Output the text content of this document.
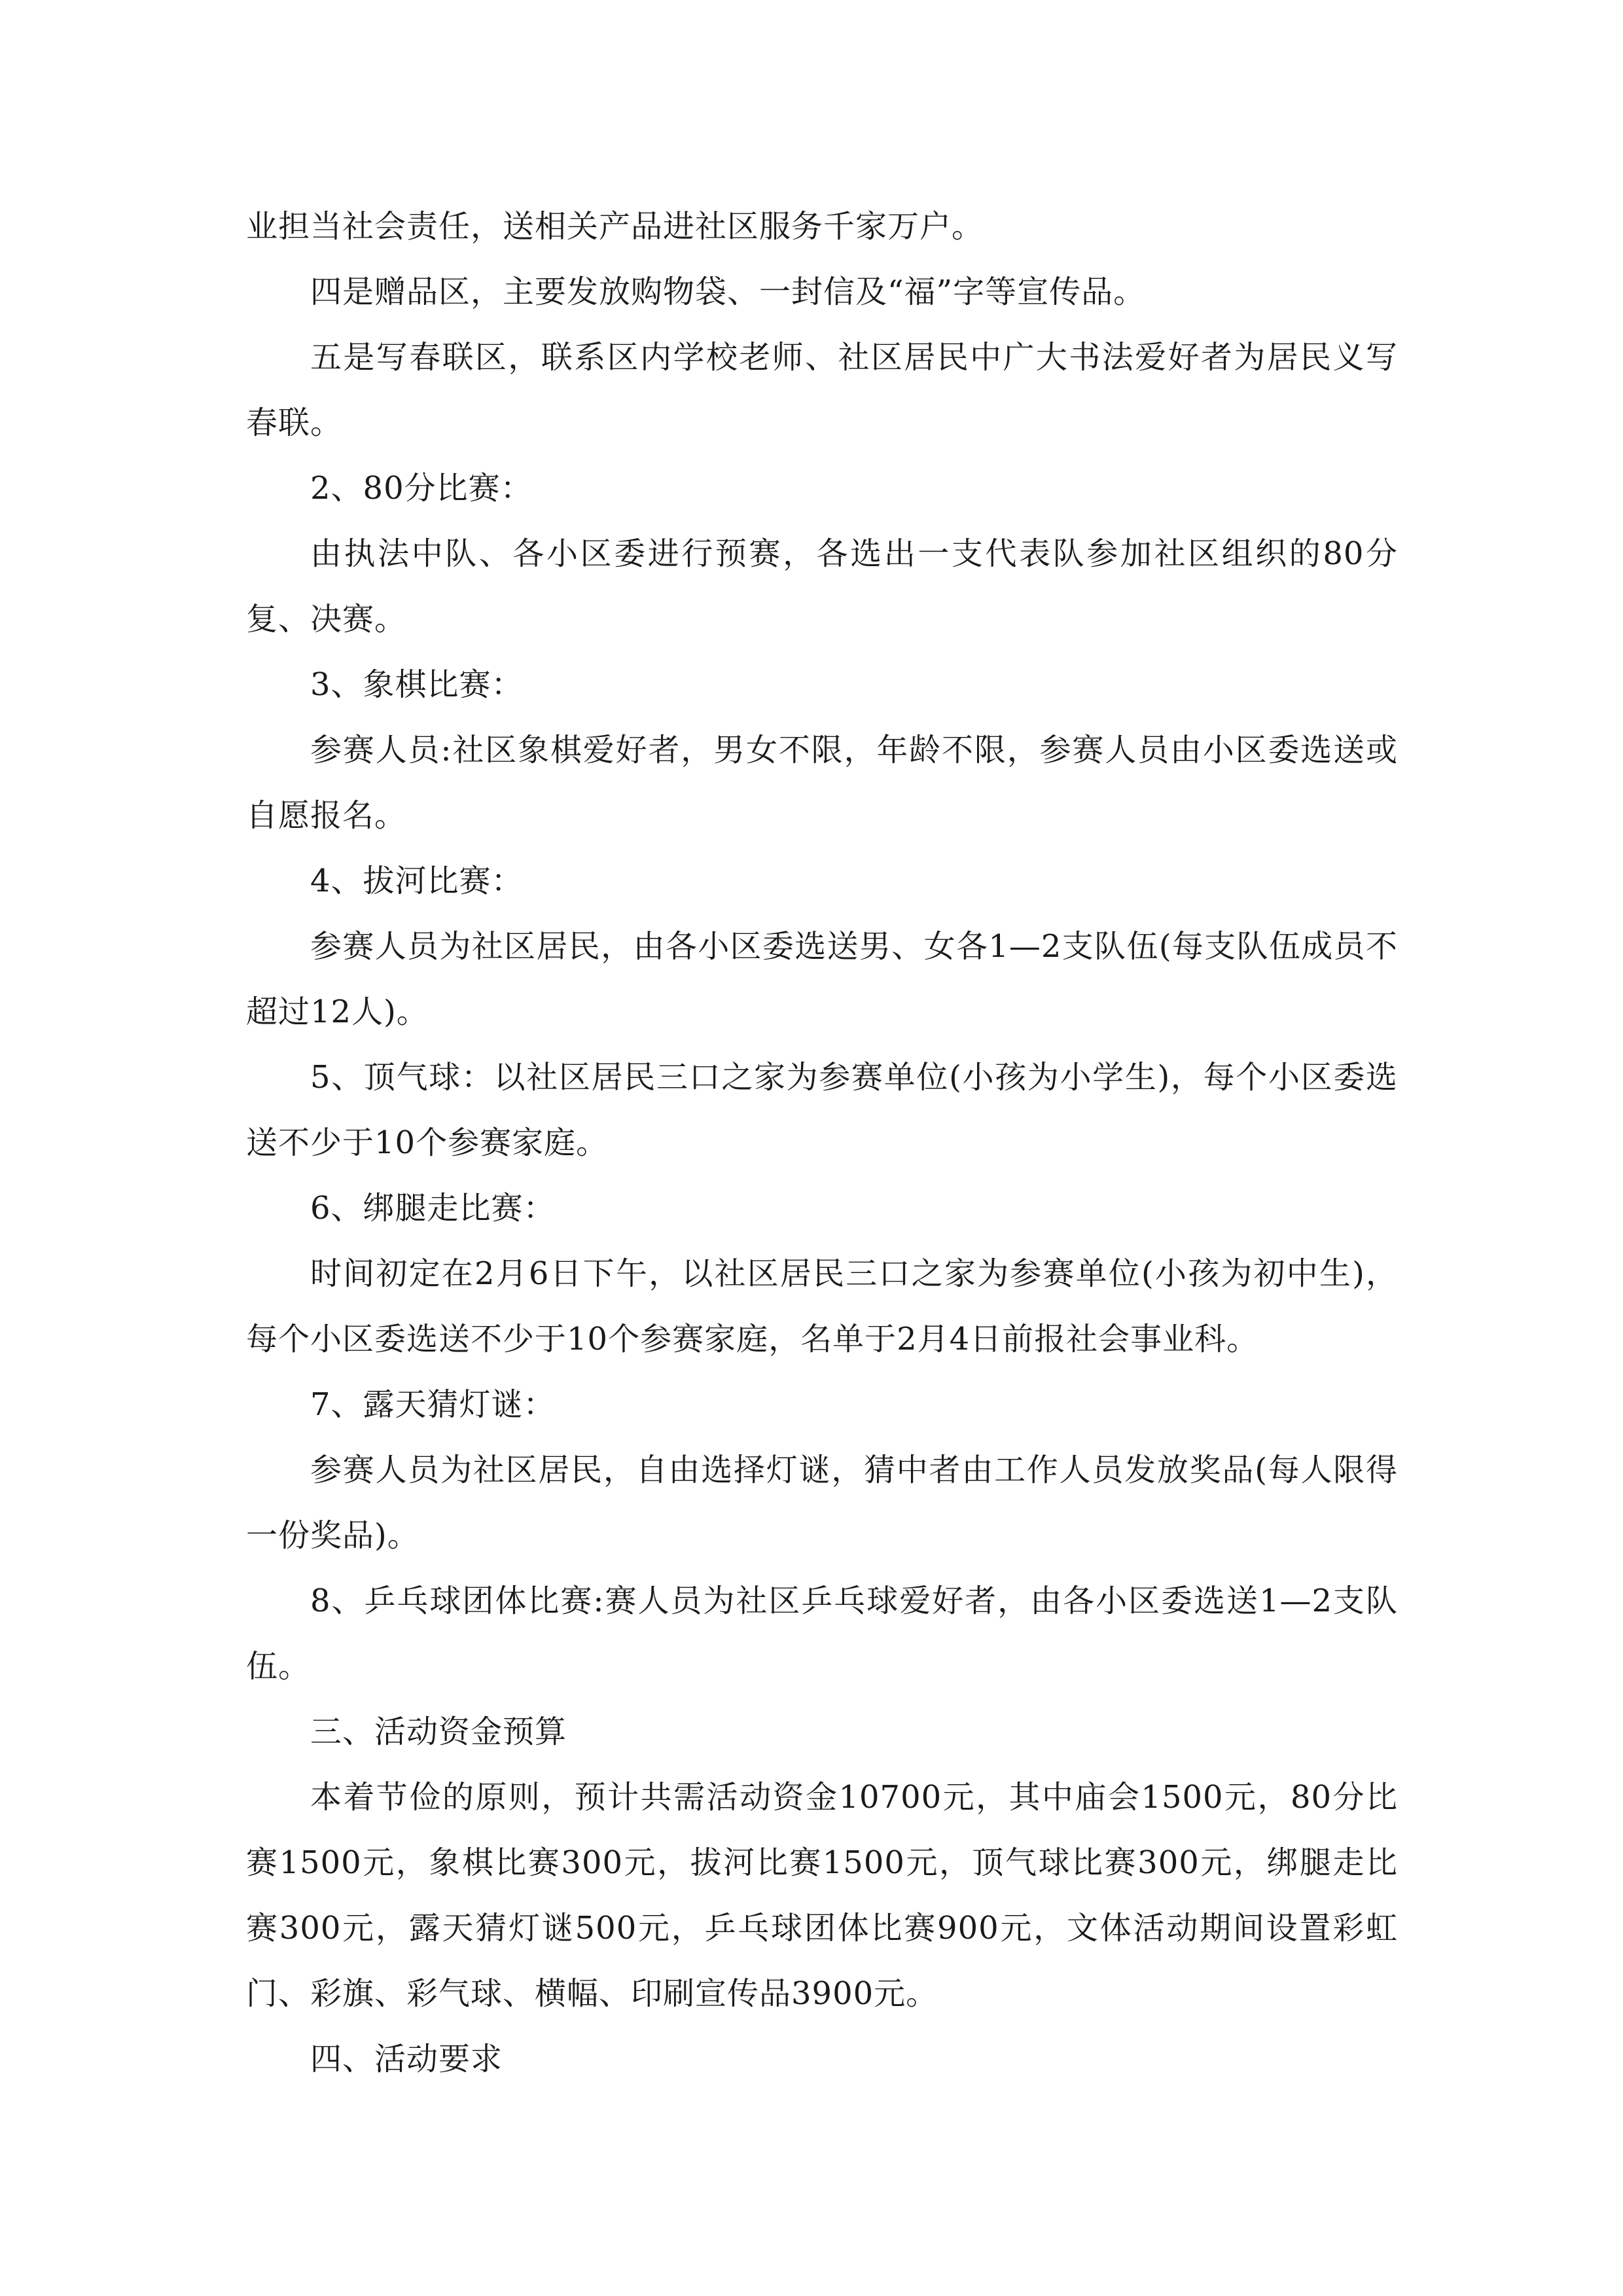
业担当社会责任，送相关产品进社区服务千家万户。

四是赠品区，主要发放购物袋、一封信及“福”字等宣传品。

五是写春联区，联系区内学校老师、社区居民中广大书法爱好者为居民义写春联。

2、80分比赛：

由执法中队、各小区委进行预赛，各选出一支代表队参加社区组织的80分复、决赛。

3、象棋比赛：

参赛人员:社区象棋爱好者，男女不限，年龄不限，参赛人员由小区委选送或自愿报名。

4、拔河比赛：

参赛人员为社区居民，由各小区委选送男、女各1—2支队伍(每支队伍成员不超过12人)。

5、顶气球：以社区居民三口之家为参赛单位(小孩为小学生)，每个小区委选送不少于10个参赛家庭。

6、绑腿走比赛：

时间初定在2月6日下午，以社区居民三口之家为参赛单位(小孩为初中生)，每个小区委选送不少于10个参赛家庭，名单于2月4日前报社会事业科。

7、露天猜灯谜：

参赛人员为社区居民，自由选择灯谜，猜中者由工作人员发放奖品(每人限得一份奖品)。

8、乒乓球团体比赛:赛人员为社区乒乓球爱好者，由各小区委选送1—2支队伍。

三、活动资金预算

本着节俭的原则，预计共需活动资金10700元，其中庙会1500元，80分比赛1500元，象棋比赛300元，拔河比赛1500元，顶气球比赛300元，绑腿走比赛300元，露天猜灯谜500元，乒乓球团体比赛900元，文体活动期间设置彩虹门、彩旗、彩气球、横幅、印刷宣传品3900元。

四、活动要求
